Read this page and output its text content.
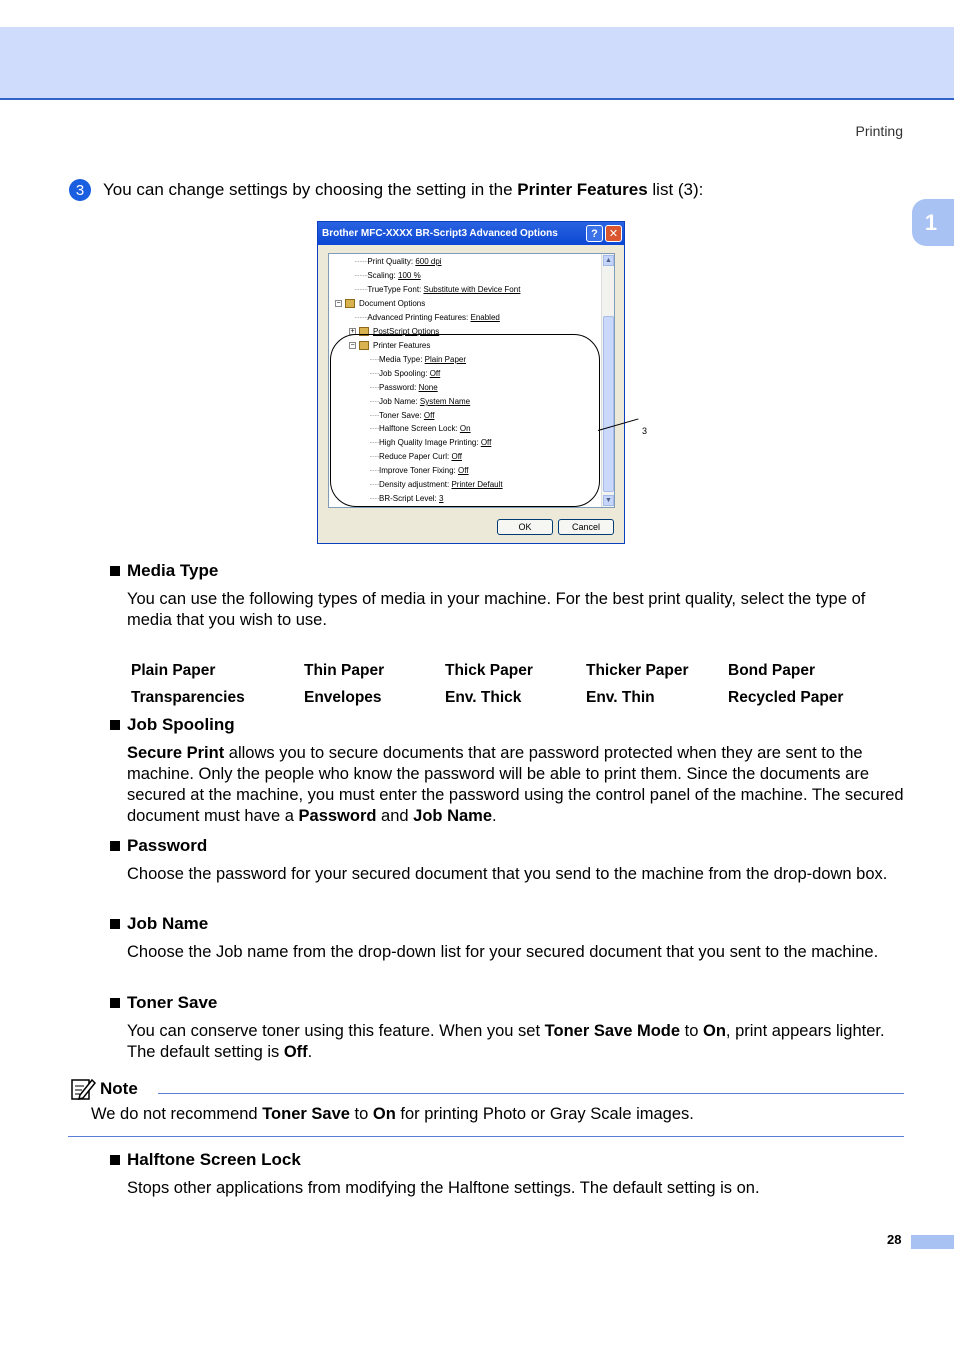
Printing
1
3	You can change settings by choosing the setting in the Printer Features list (3):
Brother MFC-XXXX BR-Script3 Advanced Options	?	✕
········Print Quality: 600 dpi
········Scaling: 100 %
········TrueType Font: Substitute with Device Font
− Document Options
········Advanced Printing Features: Enabled
+ PostScript Options
− Printer Features
······Media Type: Plain Paper
······Job Spooling: Off
······Password: None
······Job Name: System Name
······Toner Save: Off
······Halftone Screen Lock: On
······High Quality Image Printing: Off
······Reduce Paper Curl: Off
······Improve Toner Fixing: Off
······Density adjustment: Printer Default
······BR-Script Level: 3
▲
▼
OK	Cancel
3
Media Type
You can use the following types of media in your machine. For the best print quality, select the type of media that you wish to use.
Plain Paper	Thin Paper	Thick Paper	Thicker Paper	Bond Paper
Transparencies	Envelopes	Env. Thick	Env. Thin	Recycled Paper
Job Spooling
Secure Print allows you to secure documents that are password protected when they are sent to the machine. Only the people who know the password will be able to print them. Since the documents are secured at the machine, you must enter the password using the control panel of the machine. The secured document must have a Password and Job Name.
Password
Choose the password for your secured document that you send to the machine from the drop-down box.
Job Name
Choose the Job name from the drop-down list for your secured document that you sent to the machine.
Toner Save
You can conserve toner using this feature. When you set Toner Save Mode to On, print appears lighter. The default setting is Off.
Note
We do not recommend Toner Save to On for printing Photo or Gray Scale images.
Halftone Screen Lock
Stops other applications from modifying the Halftone settings. The default setting is on.
28
